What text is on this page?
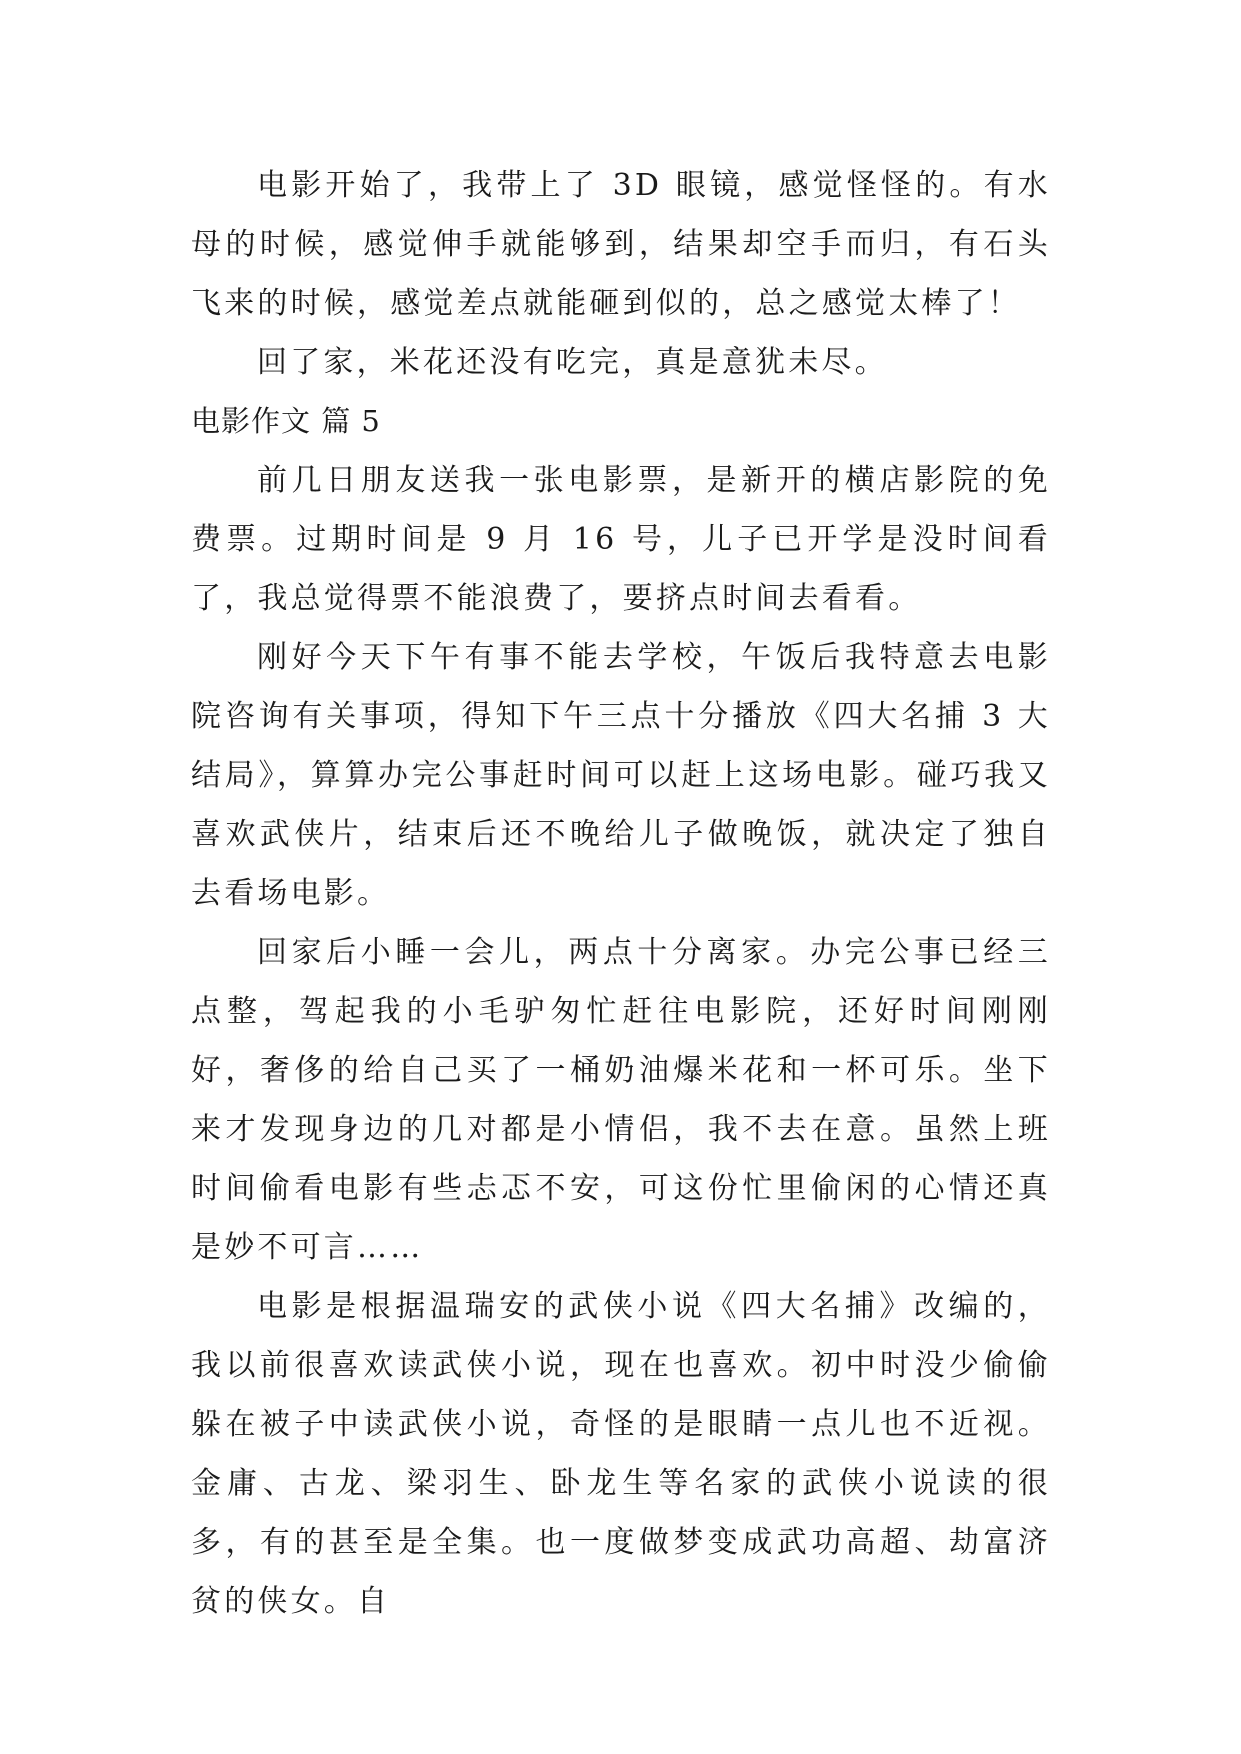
电影开始了，我带上了 3D 眼镜，感觉怪怪的。有水母的时候，感觉伸手就能够到，结果却空手而归，有石头飞来的时候，感觉差点就能砸到似的，总之感觉太棒了！

回了家，米花还没有吃完，真是意犹未尽。

电影作文 篇 5

前几日朋友送我一张电影票，是新开的横店影院的免费票。过期时间是 9 月 16 号，儿子已开学是没时间看了，我总觉得票不能浪费了，要挤点时间去看看。

刚好今天下午有事不能去学校，午饭后我特意去电影院咨询有关事项，得知下午三点十分播放《四大名捕 3 大结局》，算算办完公事赶时间可以赶上这场电影。碰巧我又喜欢武侠片，结束后还不晚给儿子做晚饭，就决定了独自去看场电影。

回家后小睡一会儿，两点十分离家。办完公事已经三点整，驾起我的小毛驴匆忙赶往电影院，还好时间刚刚好，奢侈的给自己买了一桶奶油爆米花和一杯可乐。坐下来才发现身边的几对都是小情侣，我不去在意。虽然上班时间偷看电影有些忐忑不安，可这份忙里偷闲的心情还真是妙不可言……

电影是根据温瑞安的武侠小说《四大名捕》改编的，我以前很喜欢读武侠小说，现在也喜欢。初中时没少偷偷躲在被子中读武侠小说，奇怪的是眼睛一点儿也不近视。金庸、古龙、梁羽生、卧龙生等名家的武侠小说读的很多，有的甚至是全集。也一度做梦变成武功高超、劫富济贫的侠女。自
